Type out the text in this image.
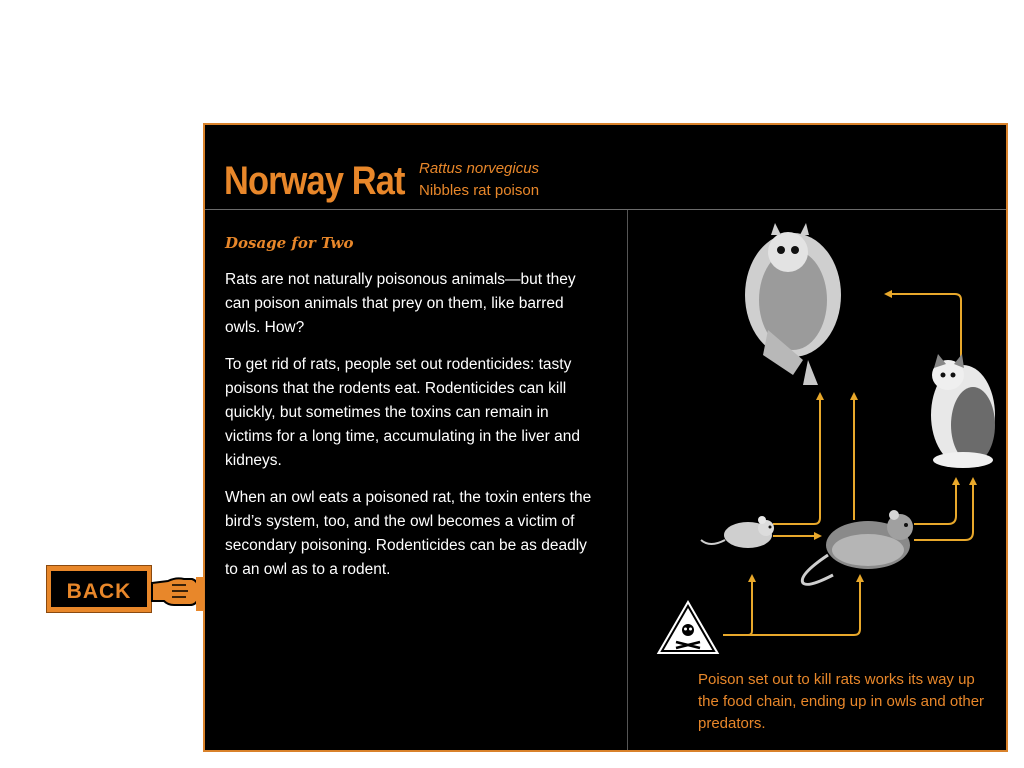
Norway Rat Rattus norvegicus

Nibbles rat poison

Dosage for Two

Rats are not naturally poisonous animals—but they can poison animals that prey on them, like barred owls. How?

To get rid of rats, people set out rodenticides: tasty poisons that the rodents eat. Rodenticides can kill quickly, but sometimes the toxins can remain in victims for a long time, accumulating in the liver and kidneys.

When an owl eats a poisoned rat, the toxin enters the bird’s system, too, and the owl becomes a victim of secondary poisoning. Rodenticides can be as deadly to an owl as to a rodent.

Poison set out to kill rats works its way up the food chain, ending up in owls and other predators.

BACK
